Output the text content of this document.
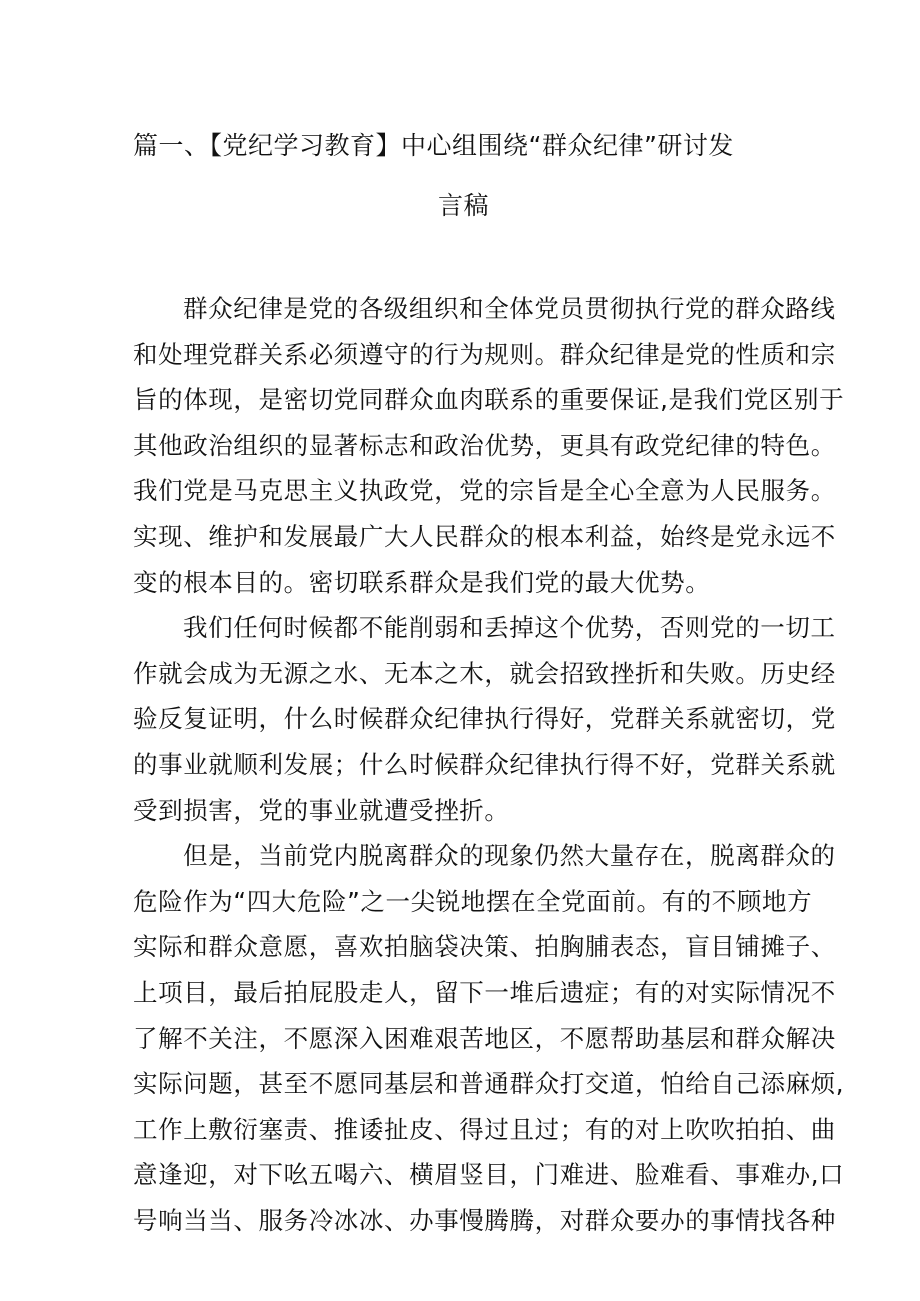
篇一、【党纪学习教育】中心组围绕“群众纪律”研讨发
言稿
群众纪律是党的各级组织和全体党员贯彻执行党的群众路线
和处理党群关系必须遵守的行为规则。群众纪律是党的性质和宗
旨的体现，是密切党同群众血肉联系的重要保证,是我们党区别于
其他政治组织的显著标志和政治优势，更具有政党纪律的特色。
我们党是马克思主义执政党，党的宗旨是全心全意为人民服务。
实现、维护和发展最广大人民群众的根本利益，始终是党永远不
变的根本目的。密切联系群众是我们党的最大优势。
我们任何时候都不能削弱和丢掉这个优势，否则党的一切工
作就会成为无源之水、无本之木，就会招致挫折和失败。历史经
验反复证明，什么时候群众纪律执行得好，党群关系就密切，党
的事业就顺利发展；什么时候群众纪律执行得不好，党群关系就
受到损害，党的事业就遭受挫折。
但是，当前党内脱离群众的现象仍然大量存在，脱离群众的
危险作为“四大危险”之一尖锐地摆在全党面前。有的不顾地方
实际和群众意愿，喜欢拍脑袋决策、拍胸脯表态，盲目铺摊子、
上项目，最后拍屁股走人，留下一堆后遗症；有的对实际情况不
了解不关注，不愿深入困难艰苦地区，不愿帮助基层和群众解决
实际问题，甚至不愿同基层和普通群众打交道，怕给自己添麻烦,
工作上敷衍塞责、推诿扯皮、得过且过；有的对上吹吹拍拍、曲
意逢迎，对下吆五喝六、横眉竖目，门难进、脸难看、事难办,口
号响当当、服务冷冰冰、办事慢腾腾，对群众要办的事情找各种
